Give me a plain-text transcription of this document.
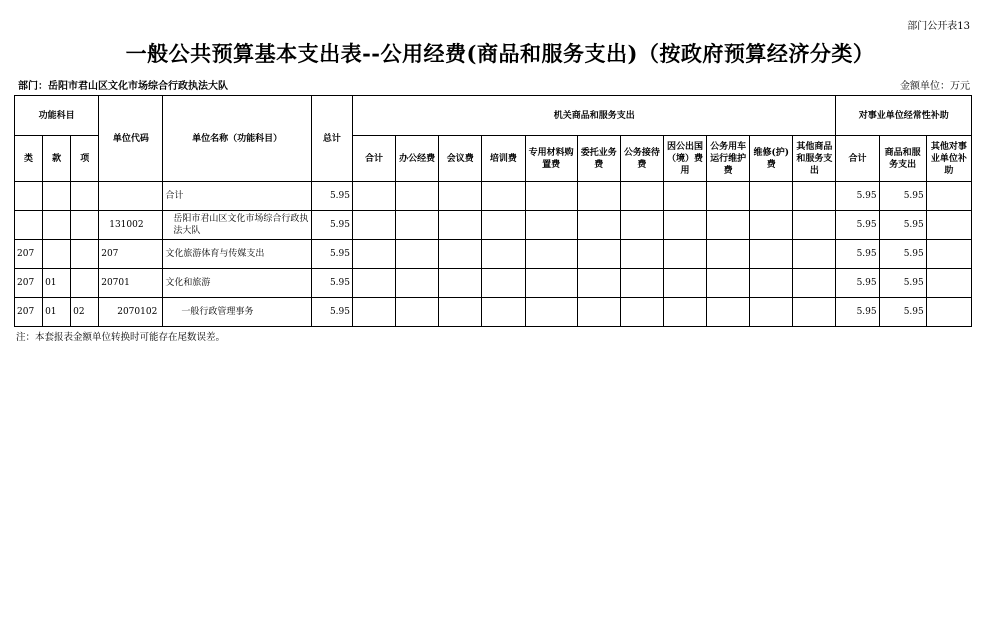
部门公开表13
一般公共预算基本支出表--公用经费(商品和服务支出)（按政府预算经济分类）
部门：岳阳市君山区文化市场综合行政执法大队	金额单位：万元
功能科目			单位代码	单位名称（功能科目）	总计	机关商品和服务支出											对事业单位经常性补助		
类	款	项				合计	办公经费	会议费	培训费	专用材料购置费	委托业务费	公务接待费	因公出国（境）费用	公务用车运行维护费	维修(护)费	其他商品和服务支出	合计	商品和服务支出	其他对事业单位补助
				合计	5.95												5.95	5.95	
			131002	岳阳市君山区文化市场综合行政执法大队	5.95												5.95	5.95	
207			207	文化旅游体育与传媒支出	5.95												5.95	5.95	
207	01		20701	文化和旅游	5.95												5.95	5.95	
207	01	02	2070102	一般行政管理事务	5.95												5.95	5.95	
注：本套报表金额单位转换时可能存在尾数误差。
